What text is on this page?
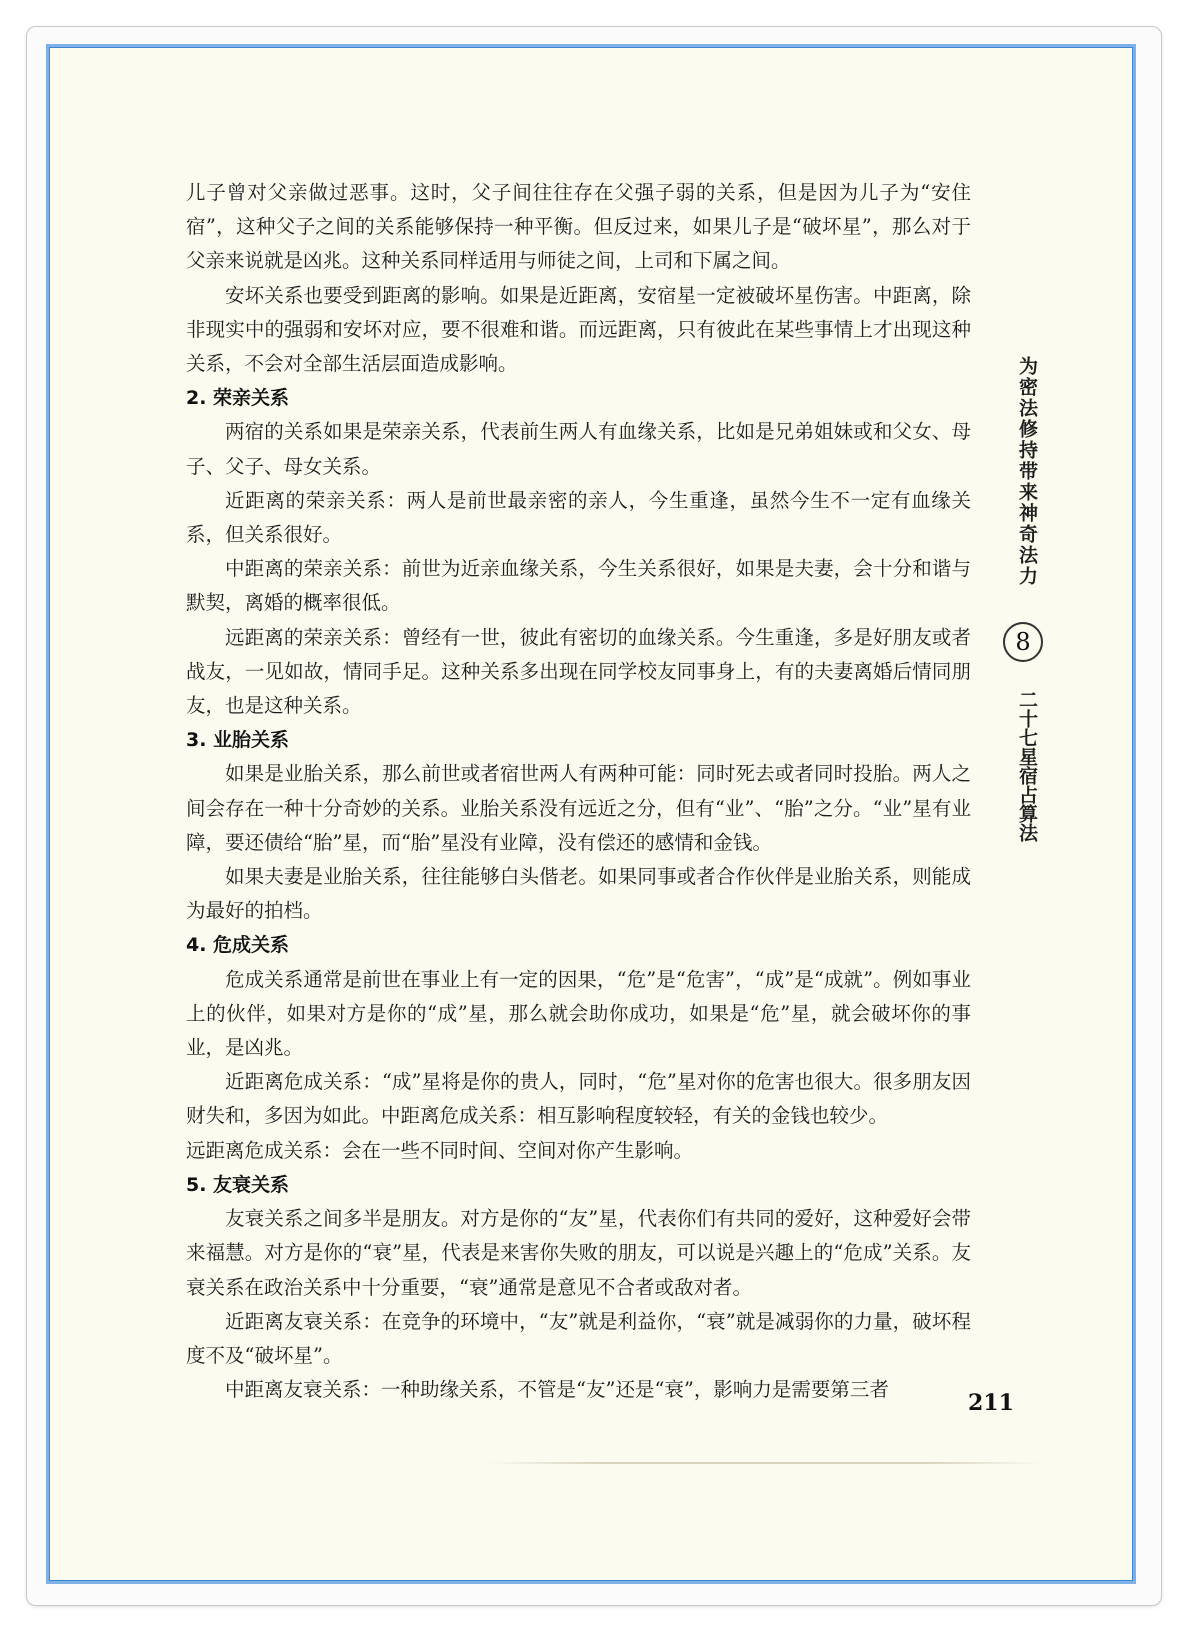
儿子曾对父亲做过恶事。这时，父子间往往存在父强子弱的关系，但是因为儿子为“安住宿”，这种父子之间的关系能够保持一种平衡。但反过来，如果儿子是“破坏星”，那么对于父亲来说就是凶兆。这种关系同样适用与师徒之间，上司和下属之间。

安坏关系也要受到距离的影响。如果是近距离，安宿星一定被破坏星伤害。中距离，除非现实中的强弱和安坏对应，要不很难和谐。而远距离，只有彼此在某些事情上才出现这种关系，不会对全部生活层面造成影响。

2. 荣亲关系

两宿的关系如果是荣亲关系，代表前生两人有血缘关系，比如是兄弟姐妹或和父女、母子、父子、母女关系。

近距离的荣亲关系：两人是前世最亲密的亲人，今生重逢，虽然今生不一定有血缘关系，但关系很好。

中距离的荣亲关系：前世为近亲血缘关系，今生关系很好，如果是夫妻，会十分和谐与默契，离婚的概率很低。

远距离的荣亲关系：曾经有一世，彼此有密切的血缘关系。今生重逢，多是好朋友或者战友，一见如故，情同手足。这种关系多出现在同学校友同事身上，有的夫妻离婚后情同朋友，也是这种关系。

3. 业胎关系

如果是业胎关系，那么前世或者宿世两人有两种可能：同时死去或者同时投胎。两人之间会存在一种十分奇妙的关系。业胎关系没有远近之分，但有“业”、“胎”之分。“业”星有业障，要还债给“胎”星，而“胎”星没有业障，没有偿还的感情和金钱。

如果夫妻是业胎关系，往往能够白头偕老。如果同事或者合作伙伴是业胎关系，则能成为最好的拍档。

4. 危成关系

危成关系通常是前世在事业上有一定的因果，“危”是“危害”，“成”是“成就”。例如事业上的伙伴，如果对方是你的“成”星，那么就会助你成功，如果是“危”星，就会破坏你的事业，是凶兆。

近距离危成关系：“成”星将是你的贵人，同时，“危”星对你的危害也很大。很多朋友因财失和，多因为如此。中距离危成关系：相互影响程度较轻，有关的金钱也较少。

远距离危成关系：会在一些不同时间、空间对你产生影响。

5. 友衰关系

友衰关系之间多半是朋友。对方是你的“友”星，代表你们有共同的爱好，这种爱好会带来福慧。对方是你的“衰”星，代表是来害你失败的朋友，可以说是兴趣上的“危成”关系。友衰关系在政治关系中十分重要，“衰”通常是意见不合者或敌对者。

近距离友衰关系：在竞争的环境中，“友”就是利益你，“衰”就是减弱你的力量，破坏程度不及“破坏星”。

中距离友衰关系：一种助缘关系，不管是“友”还是“衰”，影响力是需要第三者

为密法修持带来神奇法力
8
二十七星宿占算法
211
